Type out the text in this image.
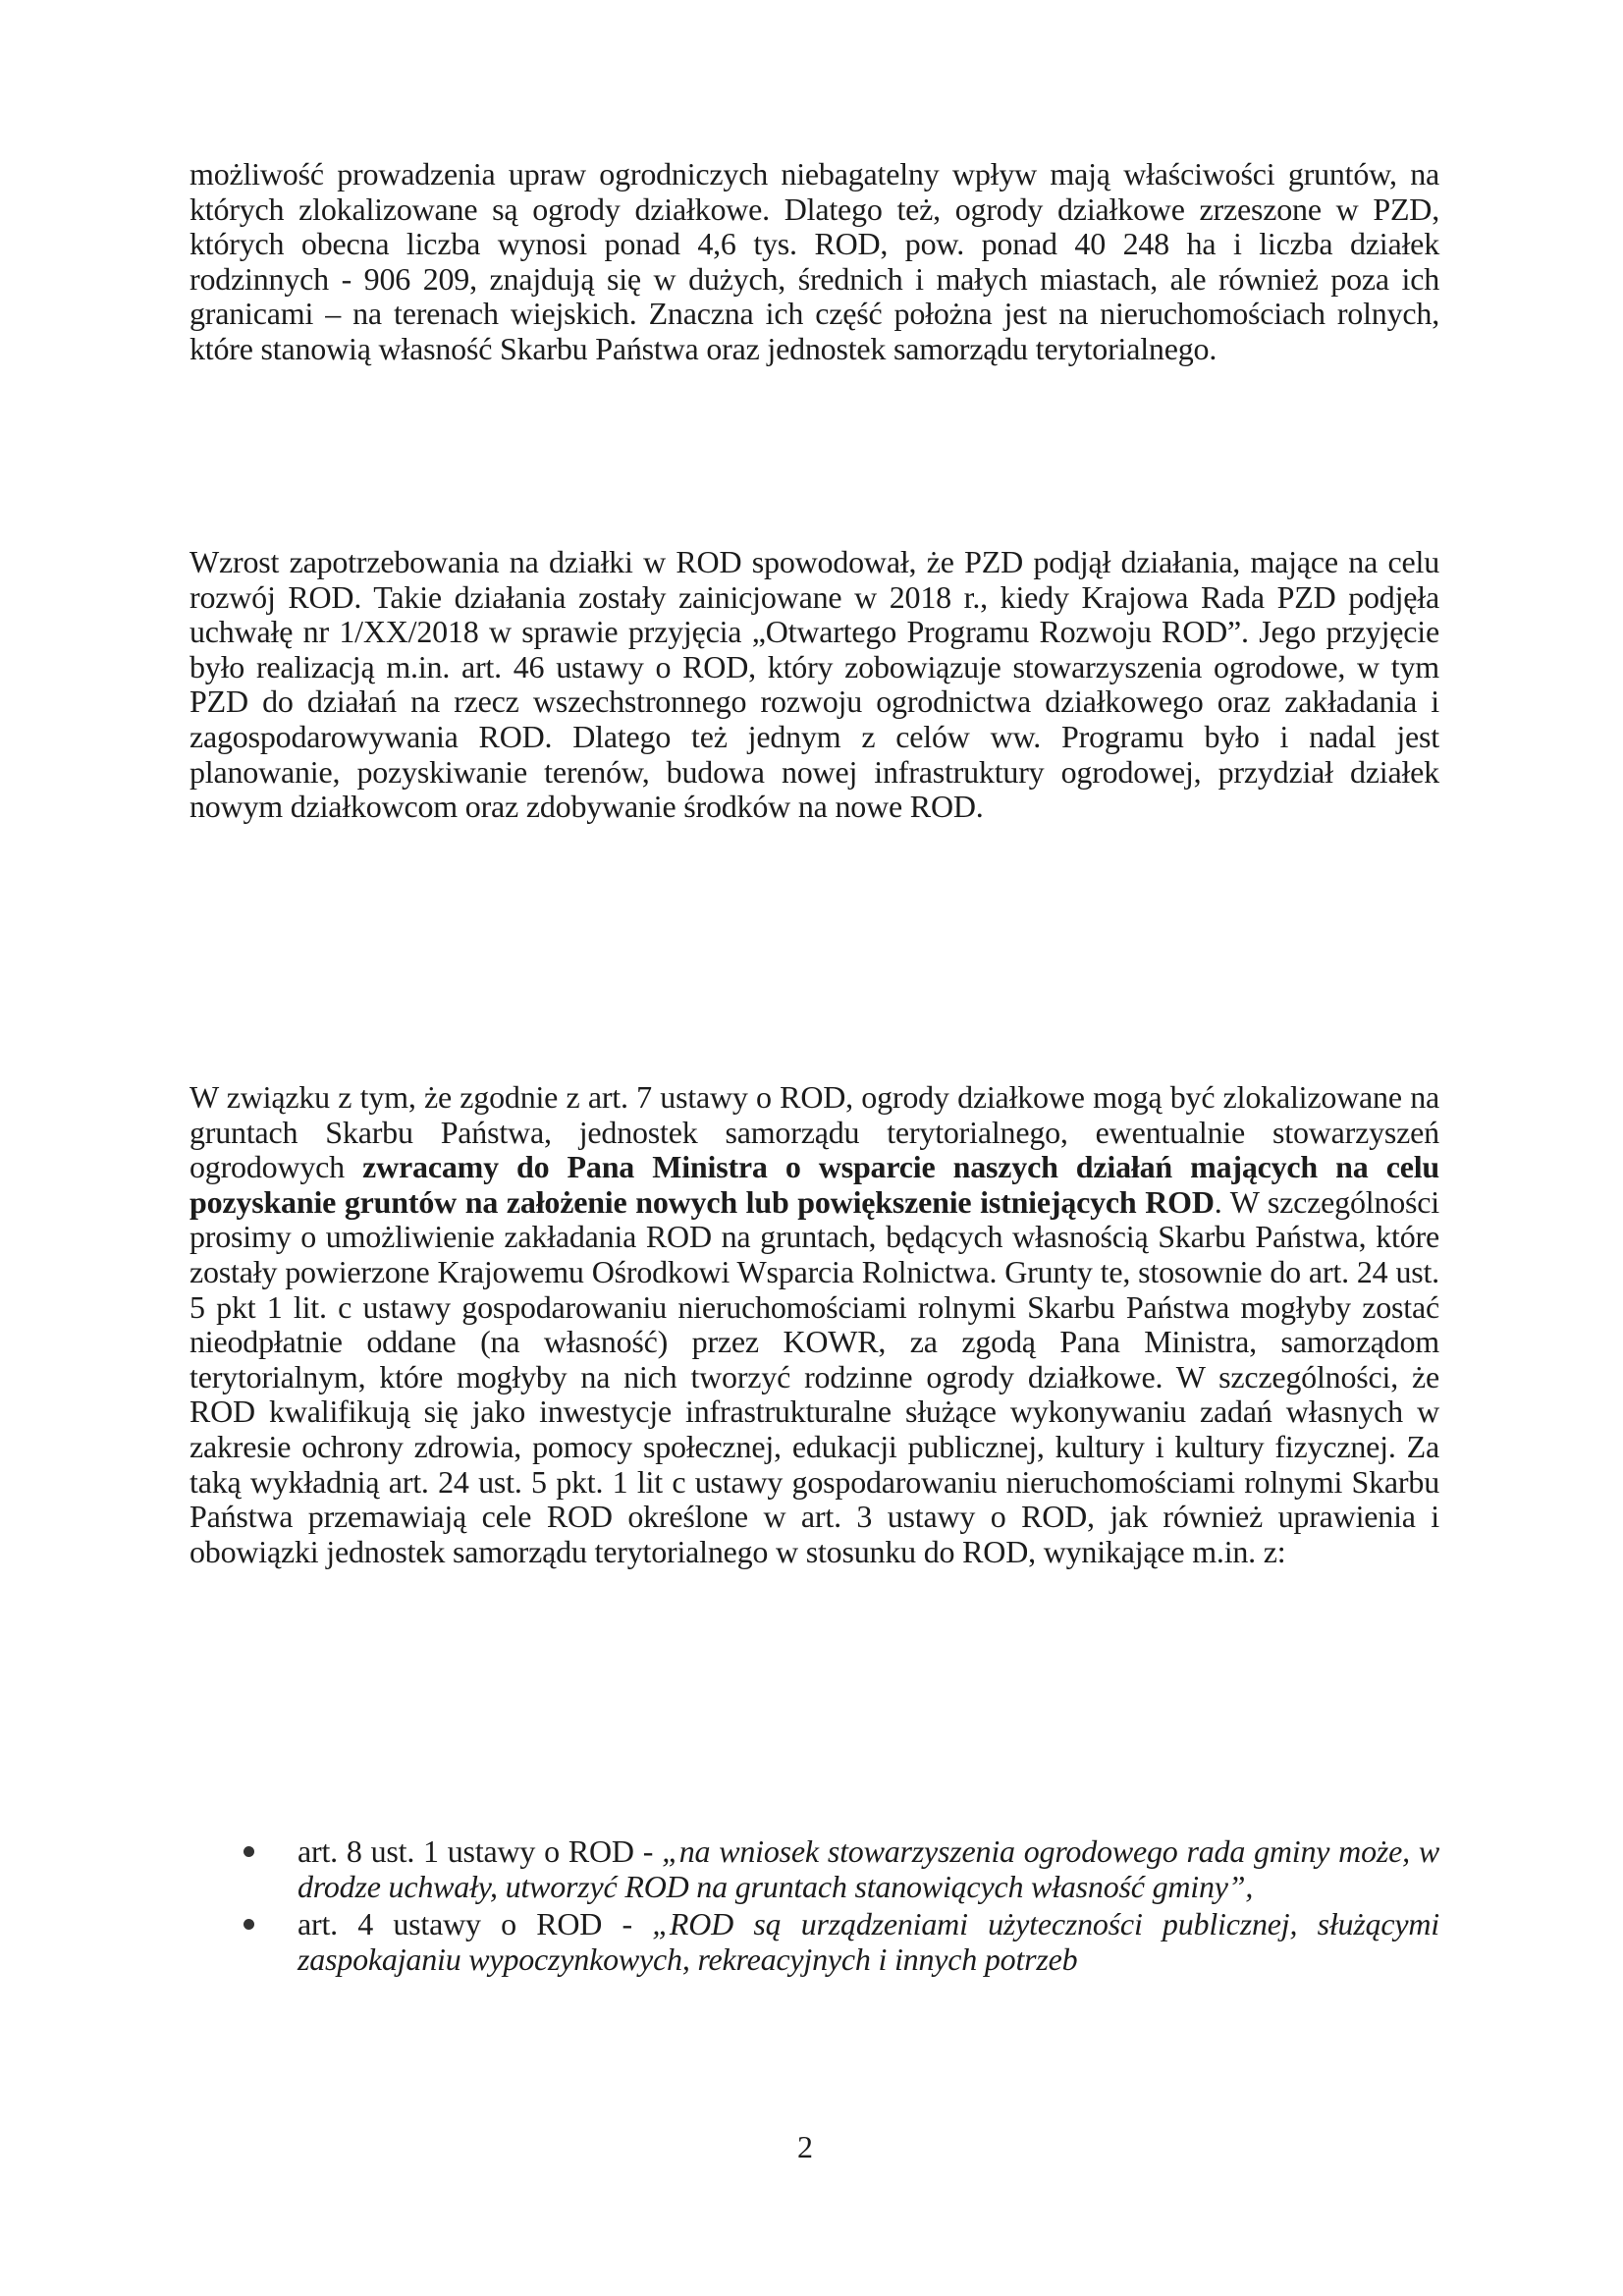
możliwość prowadzenia upraw ogrodniczych niebagatelny wpływ mają właściwości gruntów, na których zlokalizowane są ogrody działkowe. Dlatego też, ogrody działkowe zrzeszone w PZD, których obecna liczba wynosi ponad 4,6 tys. ROD, pow. ponad 40 248 ha i liczba działek rodzinnych - 906 209, znajdują się w dużych, średnich i małych miastach, ale również poza ich granicami – na terenach wiejskich. Znaczna ich część położna jest na nieruchomościach rolnych, które stanowią własność Skarbu Państwa oraz jednostek samorządu terytorialnego.

Wzrost zapotrzebowania na działki w ROD spowodował, że PZD podjął działania, mające na celu rozwój ROD. Takie działania zostały zainicjowane w 2018 r., kiedy Krajowa Rada PZD podjęła uchwałę nr 1/XX/2018 w sprawie przyjęcia „Otwartego Programu Rozwoju ROD”. Jego przyjęcie było realizacją m.in. art. 46 ustawy o ROD, który zobowiązuje stowarzyszenia ogrodowe, w tym PZD do działań na rzecz wszechstronnego rozwoju ogrodnictwa działkowego oraz zakładania i zagospodarowywania ROD. Dlatego też jednym z celów ww. Programu było i nadal jest planowanie, pozyskiwanie terenów, budowa nowej infrastruktury ogrodowej, przydział działek nowym działkowcom oraz zdobywanie środków na nowe ROD.

W związku z tym, że zgodnie z art. 7 ustawy o ROD, ogrody działkowe mogą być zlokalizowane na gruntach Skarbu Państwa, jednostek samorządu terytorialnego, ewentualnie stowarzyszeń ogrodowych zwracamy do Pana Ministra o wsparcie naszych działań mających na celu pozyskanie gruntów na założenie nowych lub powiększenie istniejących ROD. W szczególności prosimy o umożliwienie zakładania ROD na gruntach, będących własnością Skarbu Państwa, które zostały powierzone Krajowemu Ośrodkowi Wsparcia Rolnictwa. Grunty te, stosownie do art. 24 ust. 5 pkt 1 lit. c ustawy gospodarowaniu nieruchomościami rolnymi Skarbu Państwa mogłyby zostać nieodpłatnie oddane (na własność) przez KOWR, za zgodą Pana Ministra, samorządom terytorialnym, które mogłyby na nich tworzyć rodzinne ogrody działkowe. W szczególności, że ROD kwalifikują się jako inwestycje infrastrukturalne służące wykonywaniu zadań własnych w zakresie ochrony zdrowia, pomocy społecznej, edukacji publicznej, kultury i kultury fizycznej. Za taką wykładnią art. 24 ust. 5 pkt. 1 lit c ustawy gospodarowaniu nieruchomościami rolnymi Skarbu Państwa przemawiają cele ROD określone w art. 3 ustawy o ROD, jak również uprawienia i obowiązki jednostek samorządu terytorialnego w stosunku do ROD, wynikające m.in. z:

art. 8 ust. 1 ustawy o ROD - „na wniosek stowarzyszenia ogrodowego rada gminy może, w drodze uchwały, utworzyć ROD na gruntach stanowiących własność gminy”,
art. 4 ustawy o ROD - „ROD są urządzeniami użyteczności publicznej, służącymi zaspokajaniu wypoczynkowych, rekreacyjnych i innych potrzeb
2
